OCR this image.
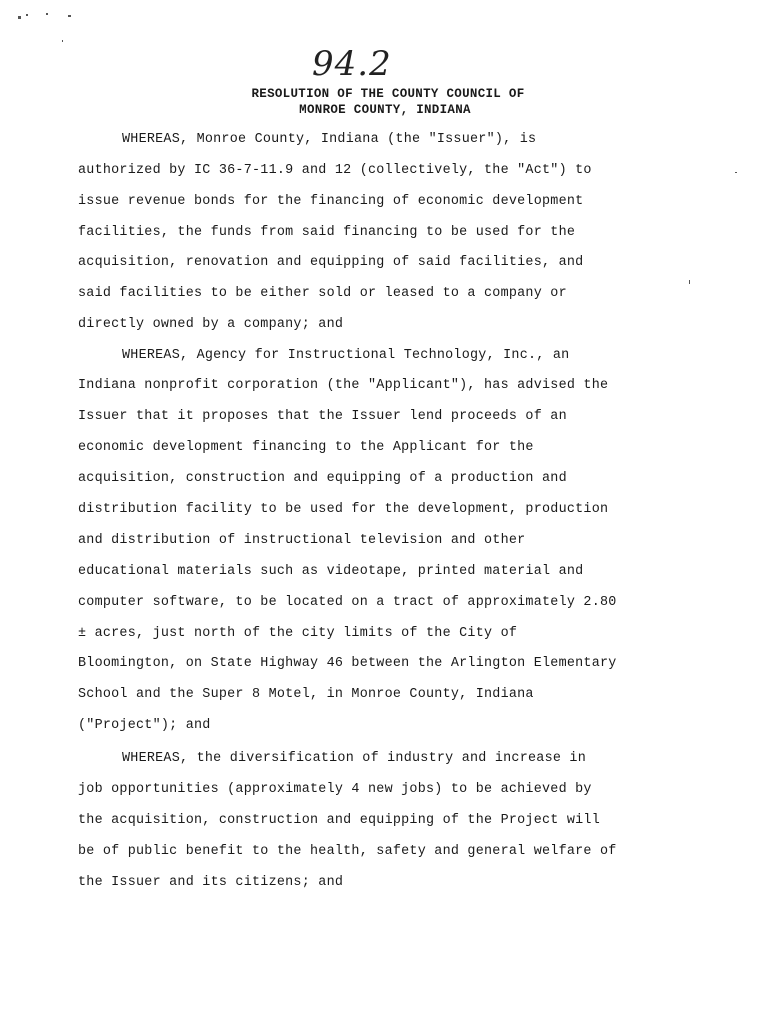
94.2
RESOLUTION OF THE COUNTY COUNCIL OF
MONROE COUNTY, INDIANA
WHEREAS, Monroe County, Indiana (the "Issuer"), is
authorized by IC 36-7-11.9 and 12 (collectively, the "Act") to
issue revenue bonds for the financing of economic development
facilities, the funds from said financing to be used for the
acquisition, renovation and equipping of said facilities, and
said facilities to be either sold or leased to a company or
directly owned by a company; and
WHEREAS, Agency for Instructional Technology, Inc., an
Indiana nonprofit corporation (the "Applicant"), has advised the
Issuer that it proposes that the Issuer lend proceeds of an
economic development financing to the Applicant for the
acquisition, construction and equipping of a production and
distribution facility to be used for the development, production
and distribution of instructional television and other
educational materials such as videotape, printed material and
computer software, to be located on a tract of approximately 2.80
± acres, just north of the city limits of the City of
Bloomington, on State Highway 46 between the Arlington Elementary
School and the Super 8 Motel, in Monroe County, Indiana
("Project"); and
WHEREAS, the diversification of industry and increase in
job opportunities (approximately 4 new jobs) to be achieved by
the acquisition, construction and equipping of the Project will
be of public benefit to the health, safety and general welfare of
the Issuer and its citizens; and
